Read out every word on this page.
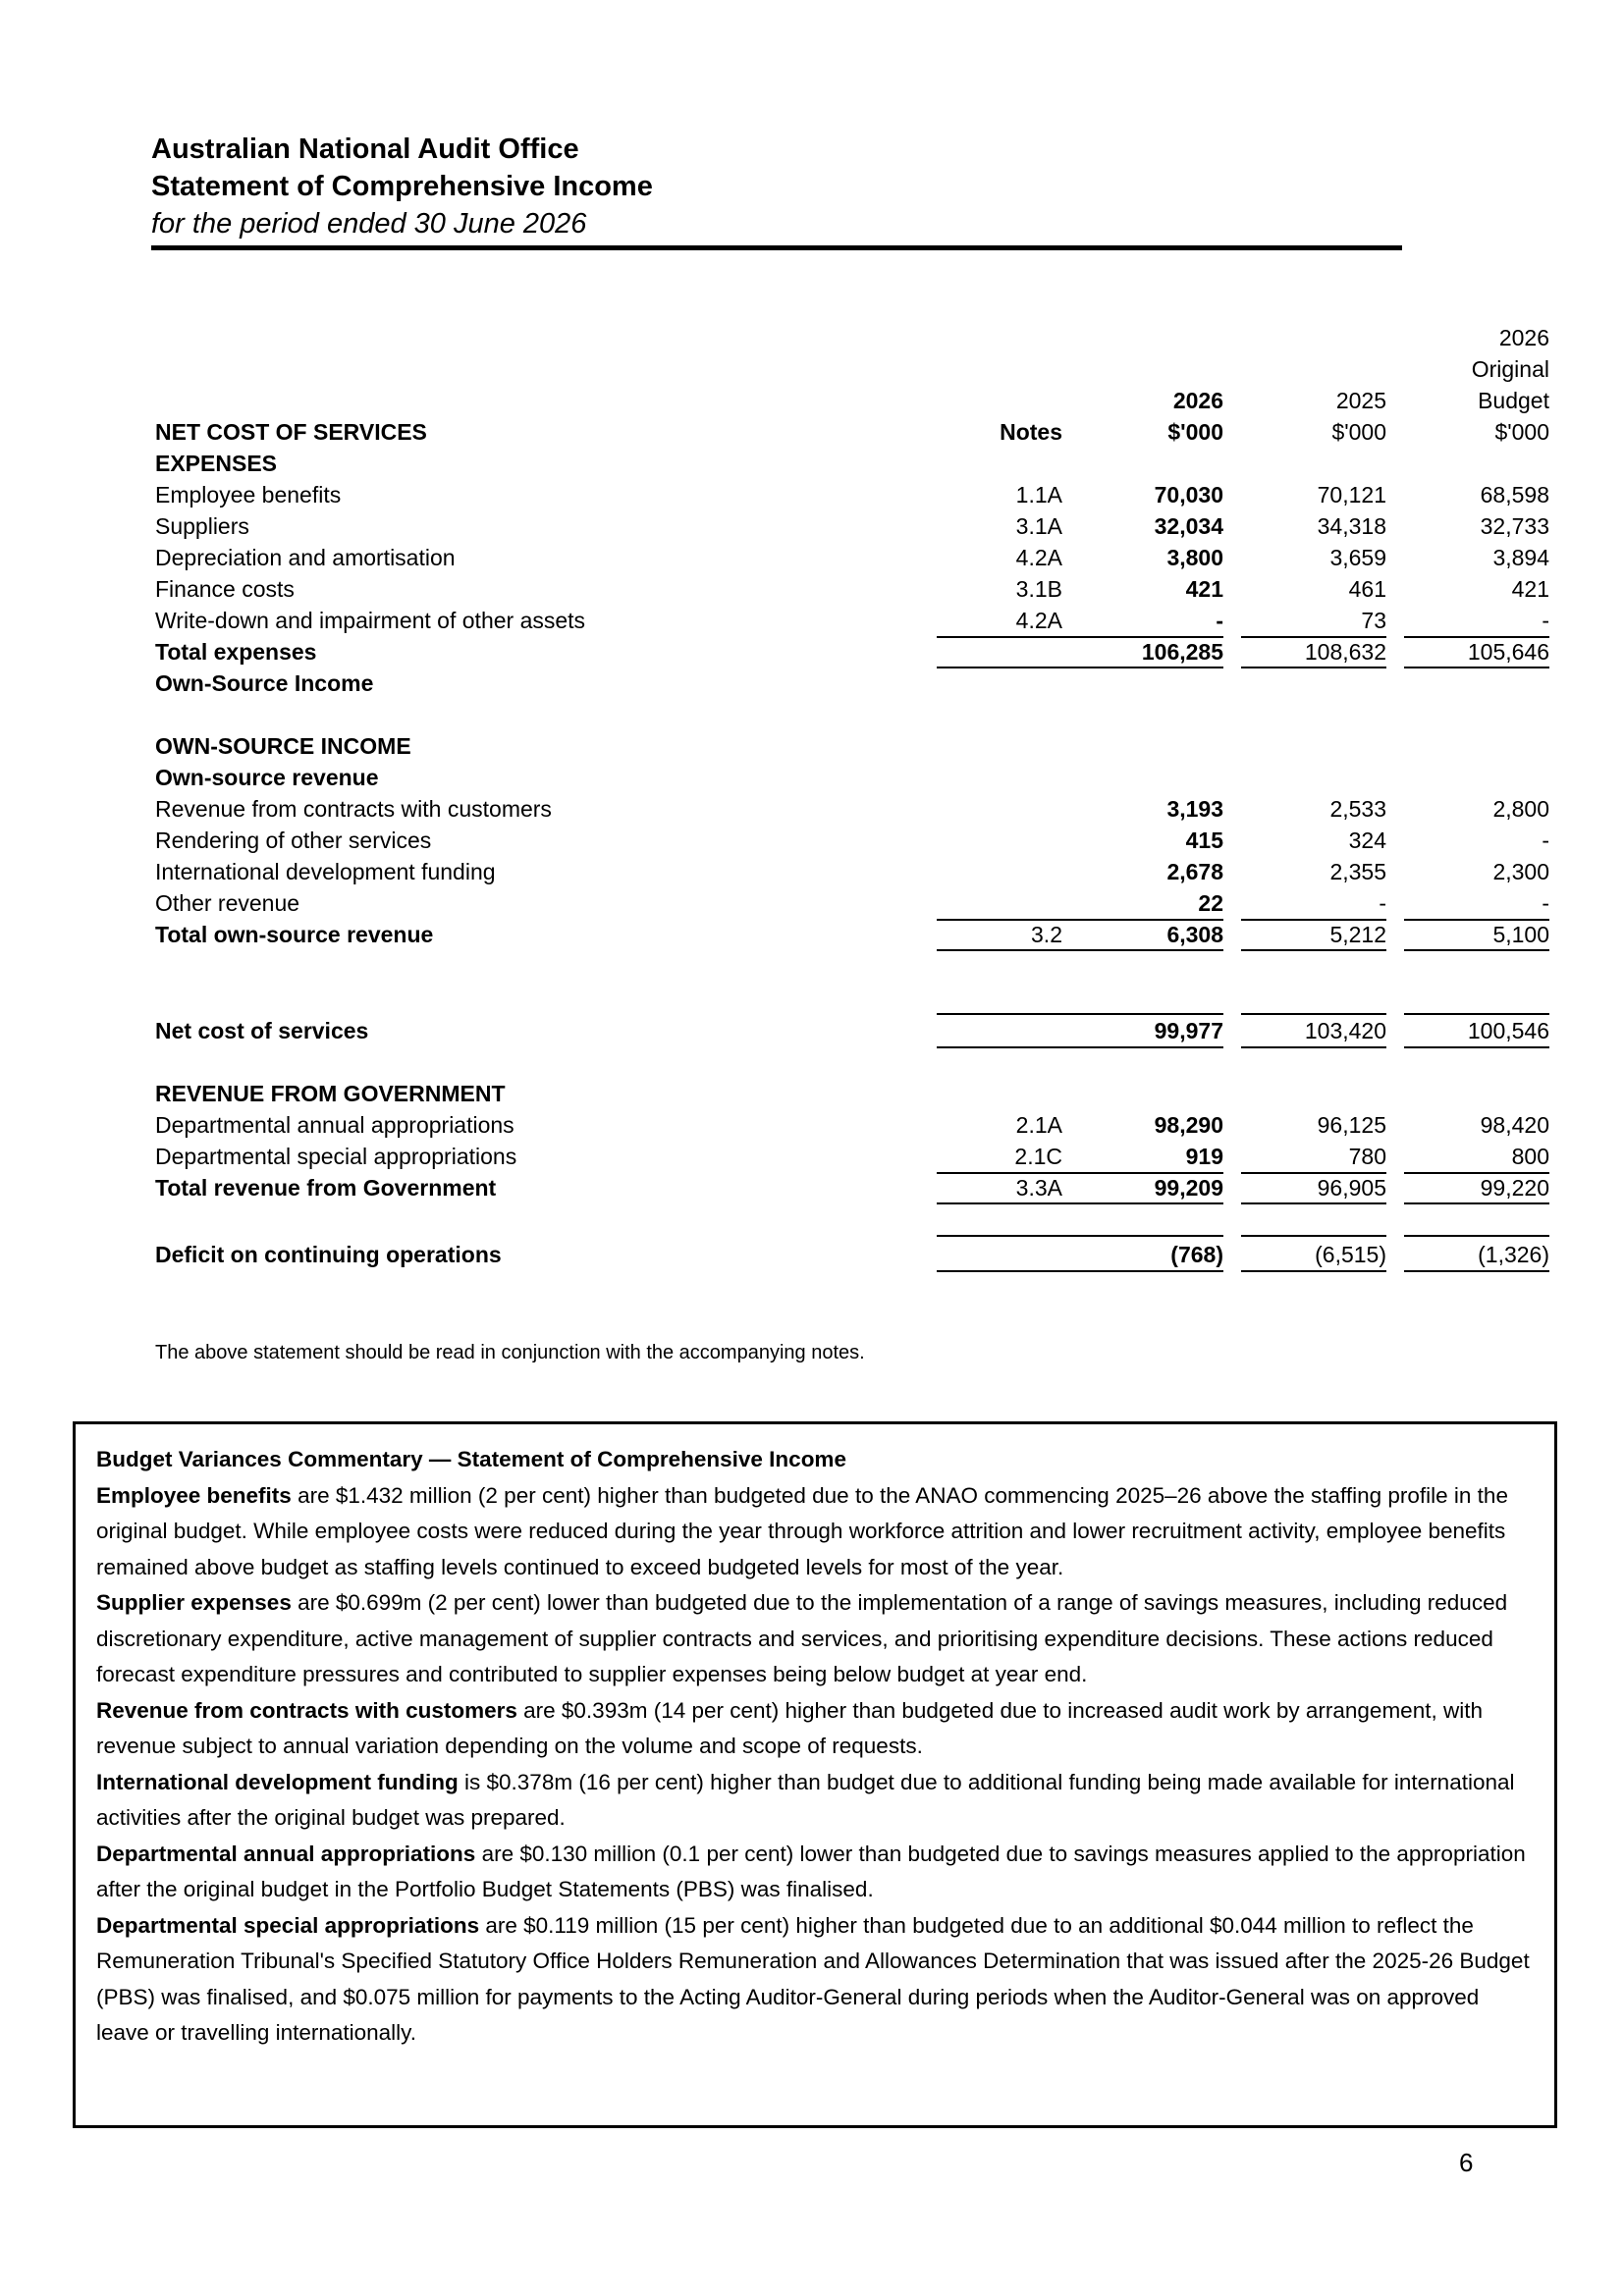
Australian National Audit Office

Statement of Comprehensive Income

for the period ended 30 June 2026

2026
Original
2026	2025	Budget
NET COST OF SERVICES	Notes	$'000	$'000	$'000
EXPENSES
Employee benefits	1.1A	70,030	70,121	68,598
Suppliers	3.1A	32,034	34,318	32,733
Depreciation and amortisation	4.2A	3,800	3,659	3,894
Finance costs	3.1B	421	461	421
Write-down and impairment of other assets	4.2A	-	73	-
Total expenses	106,285	108,632	105,646
Own-Source Income
OWN-SOURCE INCOME
Own-source revenue
Revenue from contracts with customers	3,193	2,533	2,800
Rendering of other services	415	324	-
International development funding	2,678	2,355	2,300
Other revenue	22	-	-
Total own-source revenue	3.2	6,308	5,212	5,100
Net cost of services	99,977	103,420	100,546
REVENUE FROM GOVERNMENT
Departmental annual appropriations	2.1A	98,290	96,125	98,420
Departmental special appropriations	2.1C	919	780	800
Total revenue from Government	3.3A	99,209	96,905	99,220
Deficit on continuing operations	(768)	(6,515)	(1,326)
The above statement should be read in conjunction with the accompanying notes.

Budget Variances Commentary — Statement of Comprehensive Income

Employee benefits are $1.432 million (2 per cent) higher than budgeted due to the ANAO commencing 2025–26 above the staffing profile in the original budget. While employee costs were reduced during the year through workforce attrition and lower recruitment activity, employee benefits remained above budget as staffing levels continued to exceed budgeted levels for most of the year.

Supplier expenses are $0.699m (2 per cent) lower than budgeted due to the implementation of a range of savings measures, including reduced discretionary expenditure, active management of supplier contracts and services, and prioritising expenditure decisions. These actions reduced forecast expenditure pressures and contributed to supplier expenses being below budget at year end.

Revenue from contracts with customers are $0.393m (14 per cent) higher than budgeted due to increased audit work by arrangement, with revenue subject to annual variation depending on the volume and scope of requests.

International development funding is $0.378m (16 per cent) higher than budget due to additional funding being made available for international activities after the original budget was prepared.

Departmental annual appropriations are $0.130 million (0.1 per cent) lower than budgeted due to savings measures applied to the appropriation after the original budget in the Portfolio Budget Statements (PBS) was finalised.

Departmental special appropriations are $0.119 million (15 per cent) higher than budgeted due to an additional $0.044 million to reflect the Remuneration Tribunal's Specified Statutory Office Holders Remuneration and Allowances Determination that was issued after the 2025-26 Budget (PBS) was finalised, and $0.075 million for payments to the Acting Auditor-General during periods when the Auditor-General was on approved leave or travelling internationally.

6
